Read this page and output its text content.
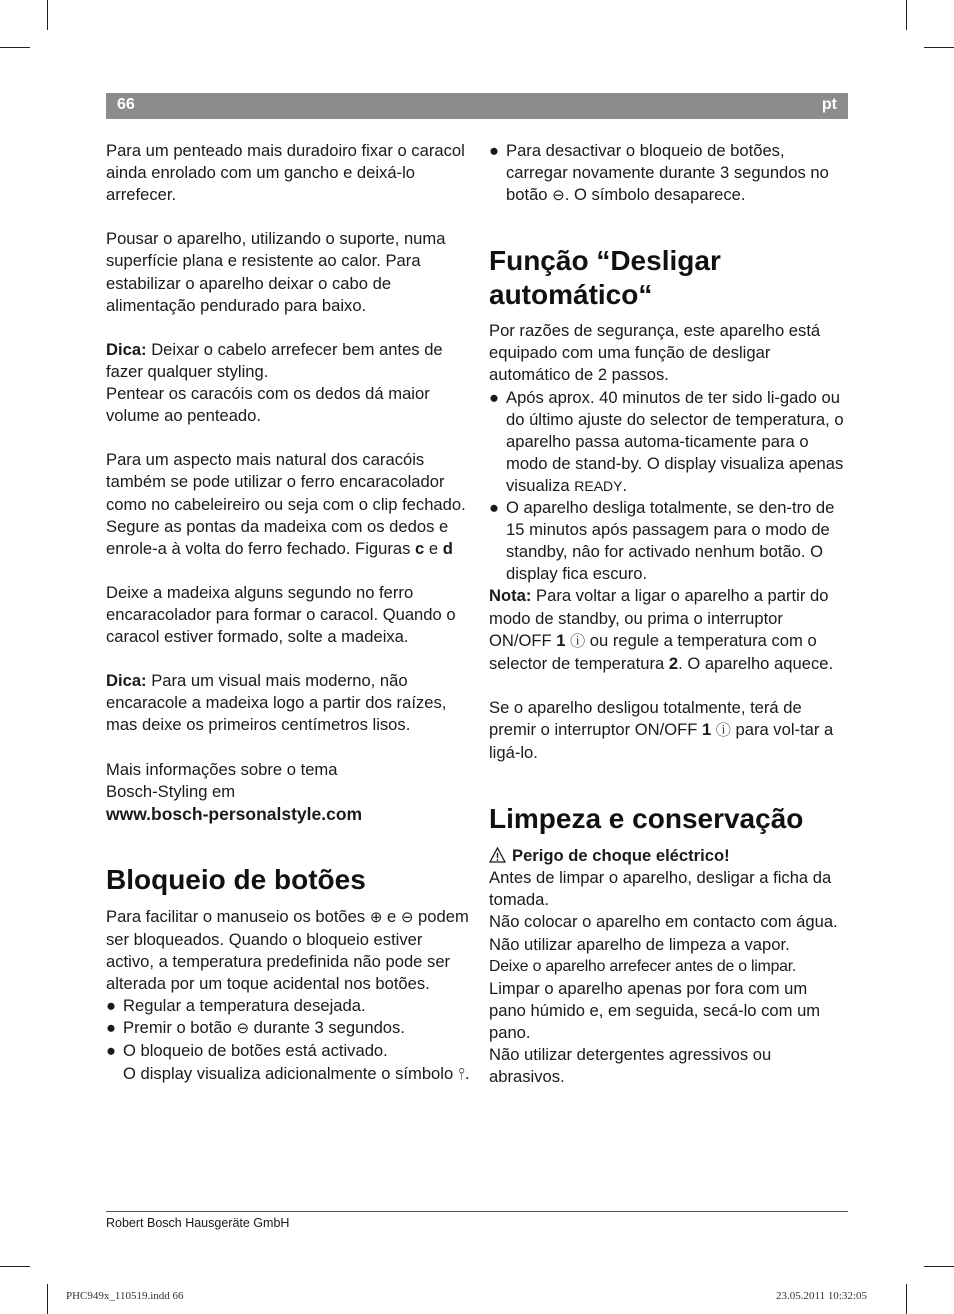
66	pt

Para um penteado mais duradoiro fixar o caracol ainda enrolado com um gancho e deixá-lo arrefecer.

Pousar o aparelho, utilizando o suporte, numa superfície plana e resistente ao calor. Para estabilizar o aparelho deixar o cabo de alimentação pendurado para baixo.

Dica: Deixar o cabelo arrefecer bem antes de fazer qualquer styling.

Pentear os caracóis com os dedos dá maior volume ao penteado.

Para um aspecto mais natural dos caracóis também se pode utilizar o ferro encaracolador como no cabeleireiro ou seja com o clip fechado. Segure as pontas da madeixa com os dedos e enrole-a à volta do ferro fechado. Figuras c e d

Deixe a madeixa alguns segundo no ferro encaracolador para formar o caracol. Quando o caracol estiver formado, solte a madeixa.

Dica: Para um visual mais moderno, não encaracole a madeixa logo a partir dos raízes, mas deixe os primeiros centímetros lisos.

Mais informações sobre o tema

Bosch-Styling em

www.bosch-personalstyle.com

Bloqueio de botões

Para facilitar o manuseio os botões ⊕ e ⊖ podem ser bloqueados. Quando o bloqueio estiver activo, a temperatura predefinida não pode ser alterada por um toque acidental nos botões.

● Regular a temperatura desejada.
● Premir o botão ⊖ durante 3 segundos.
● O bloqueio de botões está activado.
O display visualiza adicionalmente o símbolo ⫯.
● Para desactivar o bloqueio de botões, carregar novamente durante 3 segundos no botão ⊖. O símbolo desaparece.
Função “Desligar automático“

Por razões de segurança, este aparelho está equipado com uma função de desligar automático de 2 passos.

● Após aprox. 40 minutos de ter sido li-gado ou do último ajuste do selector de temperatura, o aparelho passa automa-ticamente para o modo de stand-by. O display visualiza apenas visualiza READY.
● O aparelho desliga totalmente, se den-tro de 15 minutos após passagem para o modo de standby, nâo for activado nenhum botão. O display fica escuro.

Nota: Para voltar a ligar o aparelho a partir do modo de standby, ou prima o interruptor ON/OFF 1 ⓘ ou regule a temperatura com o selector de temperatura 2. O aparelho aquece.

Se o aparelho desligou totalmente, terá de premir o interruptor ON/OFF 1 ⓘ para vol-tar a ligá-lo.

Limpeza e conservação

Perigo de choque eléctrico!

Antes de limpar o aparelho, desligar a ficha da tomada.

Não colocar o aparelho em contacto com água.

Não utilizar aparelho de limpeza a vapor.

Deixe o aparelho arrefecer antes de o limpar.

Limpar o aparelho apenas por fora com um pano húmido e, em seguida, secá-lo com um pano.

Não utilizar detergentes agressivos ou abrasivos.

Robert Bosch Hausgeräte GmbH
PHC949x_110519.indd 66	23.05.2011 10:32:05
